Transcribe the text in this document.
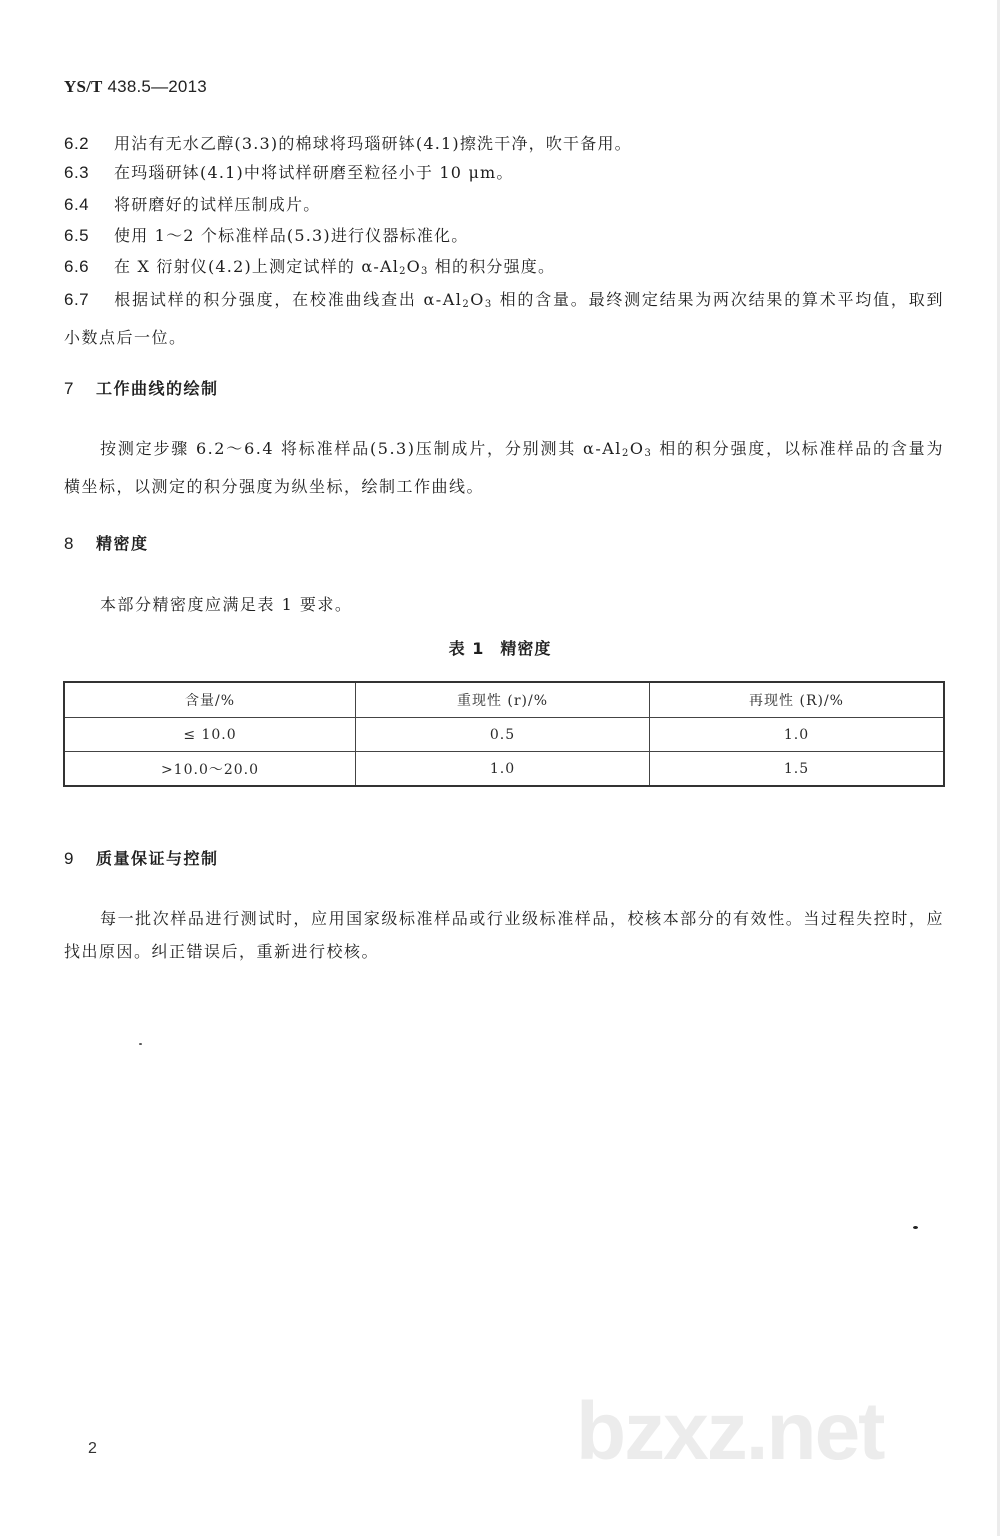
YS/T 438.5—2013
6.2 用沾有无水乙醇(3.3)的棉球将玛瑙研钵(4.1)擦洗干净，吹干备用。
6.3 在玛瑙研钵(4.1)中将试样研磨至粒径小于 10 μm。
6.4 将研磨好的试样压制成片。
6.5 使用 1～2 个标准样品(5.3)进行仪器标准化。
6.6 在 X 衍射仪(4.2)上测定试样的 $\alpha-Al_2O_3$ 相的积分强度。
6.7 根据试样的积分强度，在校准曲线查出 $\alpha-Al_2O_3$ 相的含量。最终测定结果为两次结果的算术平均值，取到小数点后一位。
7 工作曲线的绘制
按测定步骤 6.2～6.4 将标准样品(5.3)压制成片，分别测其 $\alpha-Al_2O_3$ 相的积分强度，以标准样品的含量为横坐标，以测定的积分强度为纵坐标，绘制工作曲线。
8 精密度
本部分精密度应满足表 1 要求。
表 1 精密度
含量/%	重现性 (r)/%	再现性 (R)/%
≤ 10.0	0.5	1.0
>10.0～20.0	1.0	1.5
9 质量保证与控制
每一批次样品进行测试时，应用国家级标准样品或行业级标准样品，校核本部分的有效性。当过程失控时，应找出原因。纠正错误后，重新进行校核。
2	bzxz.net
